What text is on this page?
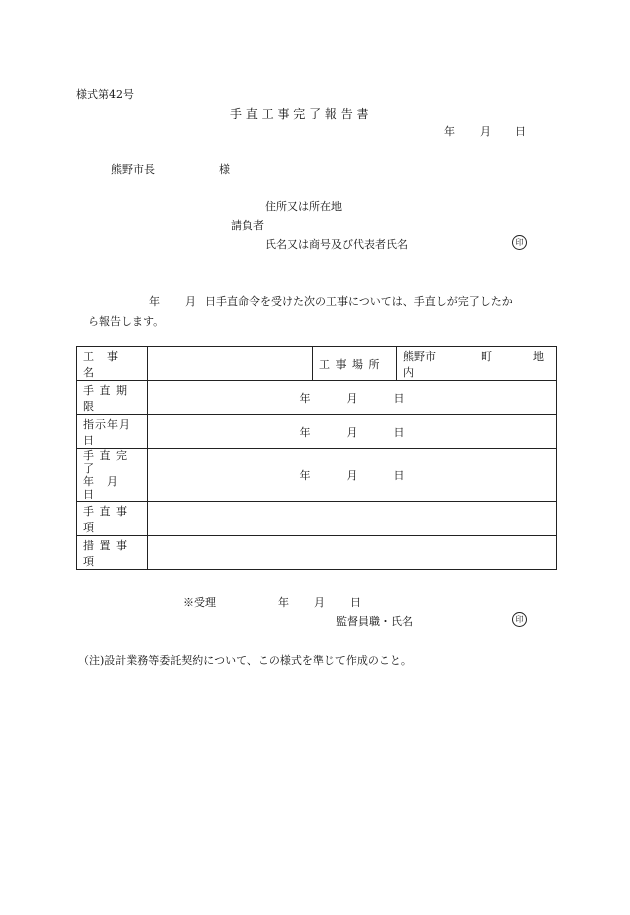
様式第42号
手 直 工 事 完 了 報 告 書
年 月 日
熊野市長	様
住所又は所在地
請負者
氏名又は商号及び代表者氏名	印
年 月 日手直命令を受けた次の工事については、手直しが完了したか
ら報告します。
工　事　名		工 事 場 所	熊野市 町 地内
手 直 期 限	年 月 日		
指示年月日	年 月 日		

手 直 完 了
年　月　日	年 月 日		
手 直 事 項			
措 置 事 項			
※受理	年 月 日
監督員職・氏名	印
（注)設計業務等委託契約について、この様式を準じて作成のこと。
